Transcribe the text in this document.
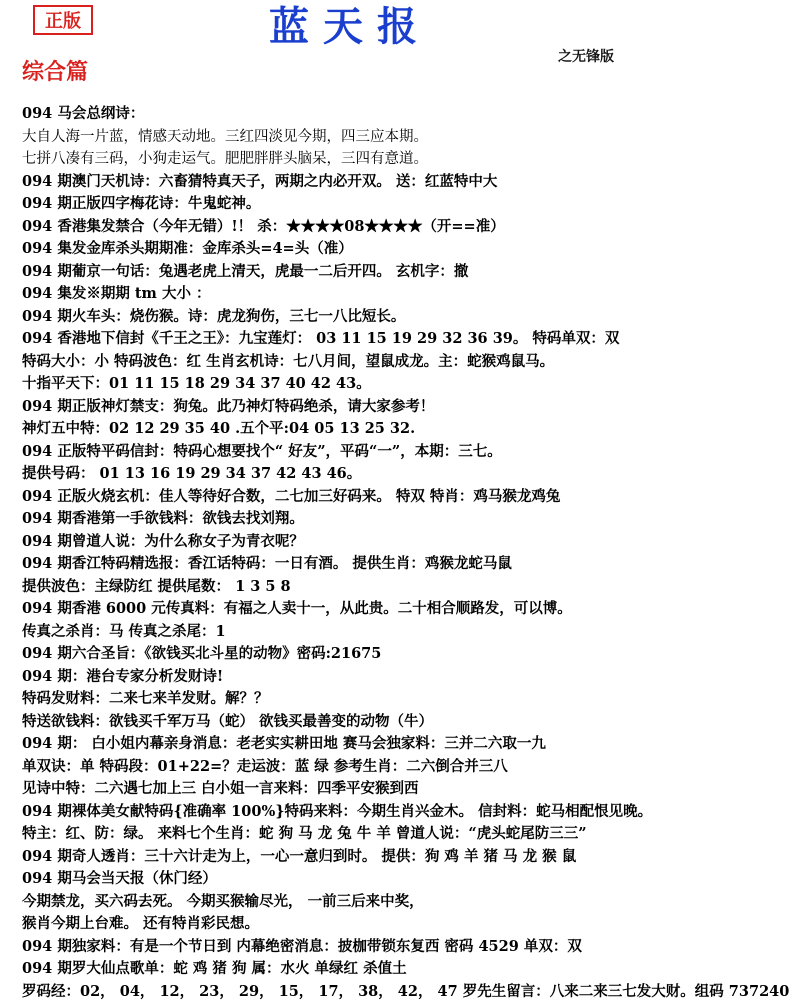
正版	蓝天报
之无锋版
综合篇
094 马会总纲诗：
大自人海一片蓝，情感天动地。三红四淡见今期，四三应本期。
七拼八凑有三码，小狗走运气。肥肥胖胖头脑呆，三四有意道。
094 期澳门天机诗：六畜猜特真天子，两期之内必开双。 送：红蓝特中大
094 期正版四字梅花诗：牛鬼蛇神。
094 香港集发禁合（今年无错）!！ 杀：★★★★08★★★★（开==准）
094 集发金库杀头期期准：金库杀头=4=头（准）
094 期葡京一句话：兔遇老虎上清天，虎最一二后开四。 玄机字：撤
094 集发※期期 tm 大小 ：
094 期火车头：烧伤猴。诗：虎龙狗伤，三七一八比短长。
094 香港地下信封《千王之王》：九宝莲灯： 03 11 15 19 29 32 36 39。 特码单双：双
特码大小：小 特码波色：红 生肖玄机诗：七八月间，望鼠成龙。主：蛇猴鸡鼠马。
十指平天下：01 11 15 18 29 34 37 40 42 43。
094 期正版神灯禁支：狗兔。此乃神灯特码绝杀，请大家参考！
神灯五中特：02 12 29 35 40 .五个平:04 05 13 25 32.
094 正版特平码信封：特码心想要找个“ 好友”，平码“一”，本期：三七。
提供号码： 01 13 16 19 29 34 37 42 43 46。
094 正版火烧玄机：佳人等待好合数，二七加三好码来。 特双 特肖：鸡马猴龙鸡兔
094 期香港第一手欲钱料：欲钱去找刘翔。
094 期曾道人说：为什么称女子为青衣呢？
094 期香江特码精选报：香江话特码：一日有酒。 提供生肖：鸡猴龙蛇马鼠
提供波色：主绿防红 提供尾数： 1 3 5 8
094 期香港 6000 元传真料：有福之人卖十一，从此贵。二十相合顺路发，可以博。
传真之杀肖：马 传真之杀尾：1
094 期六合圣旨：《欲钱买北斗星的动物》密码:21675
094 期：港台专家分析发财诗!
特码发财料：二来七来羊发财。解？？
特送欲钱料：欲钱买千军万马（蛇） 欲钱买最善变的动物（牛）
094 期： 白小姐内幕亲身消息：老老实实耕田地 赛马会独家料：三并二六取一九
单双诀：单 特码段：01+22=？走运波：蓝 绿 参考生肖：二六倒合并三八
见诗中特：二六遇七加上三 白小姐一言来料：四季平安猴到西
094 期裸体美女献特码{准确率 100%}特码来料：今期生肖兴金木。 信封料：蛇马相配恨见晚。
特主：红、防：绿。 来料七个生肖：蛇 狗 马 龙 兔 牛 羊 曾道人说：“虎头蛇尾防三三”
094 期奇人透肖：三十六计走为上，一心一意归到时。 提供：狗 鸡 羊 猪 马 龙 猴 鼠
094 期马会当天报（休门经）
今期禁龙，买六码去死。 今期买猴输尽光， 一前三后来中奖，
猴肖今期上台难。 还有特肖彩民想。
094 期独家料：有是一个节日到 内幕绝密消息：披枷带锁东复西 密码 4529 单双：双
094 期罗大仙点歌单：蛇 鸡 猪 狗 属：水火 单绿红 杀值土
罗码经：02， 04， 12， 23， 29， 15， 17， 38， 42， 47 罗先生留言：八来二来三七发大财。组码 737240
